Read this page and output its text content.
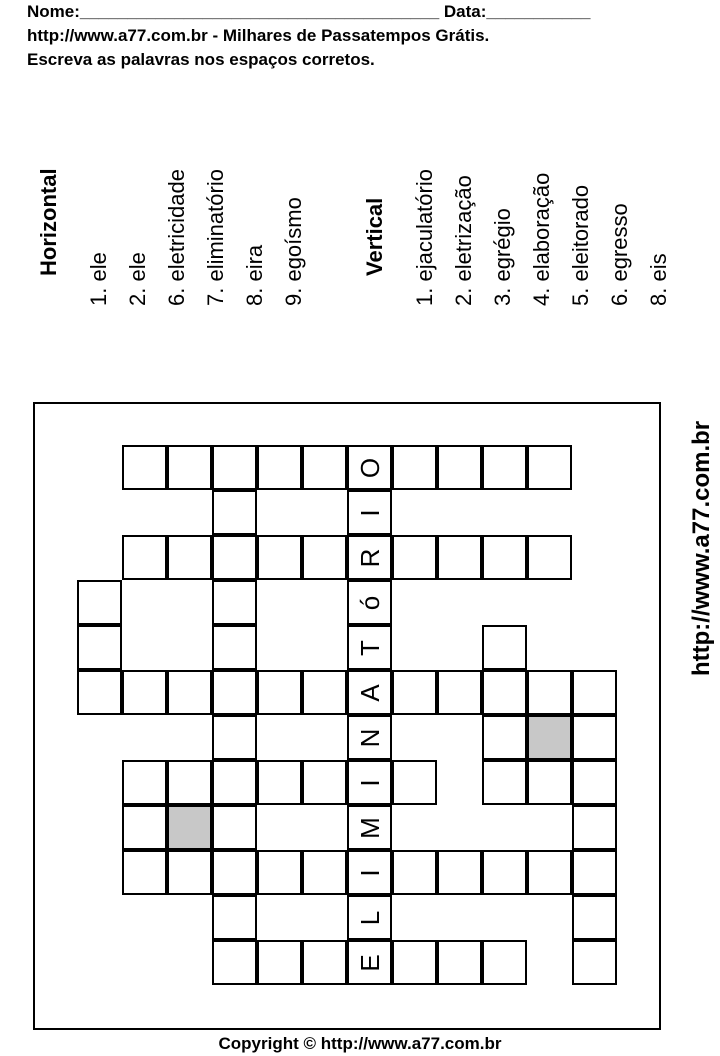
Nome:______________________________________ Data:___________
http://www.a77.com.br - Milhares de Passatempos Grátis.
Escreva as palavras nos espaços corretos.
Horizontal
1. ele 2. ele 6. eletricidade 7. eliminatório 8. eira 9. egoísmo	Vertical 1. ejaculatório 2. eletrização 3. egrégio 4. elaboração 5. eleitorado 6. egresso 8. eis
O
I
R
ó
T
A
N
I
M
I
L
E
http://www.a77.com.br
Copyright © http://www.a77.com.br
